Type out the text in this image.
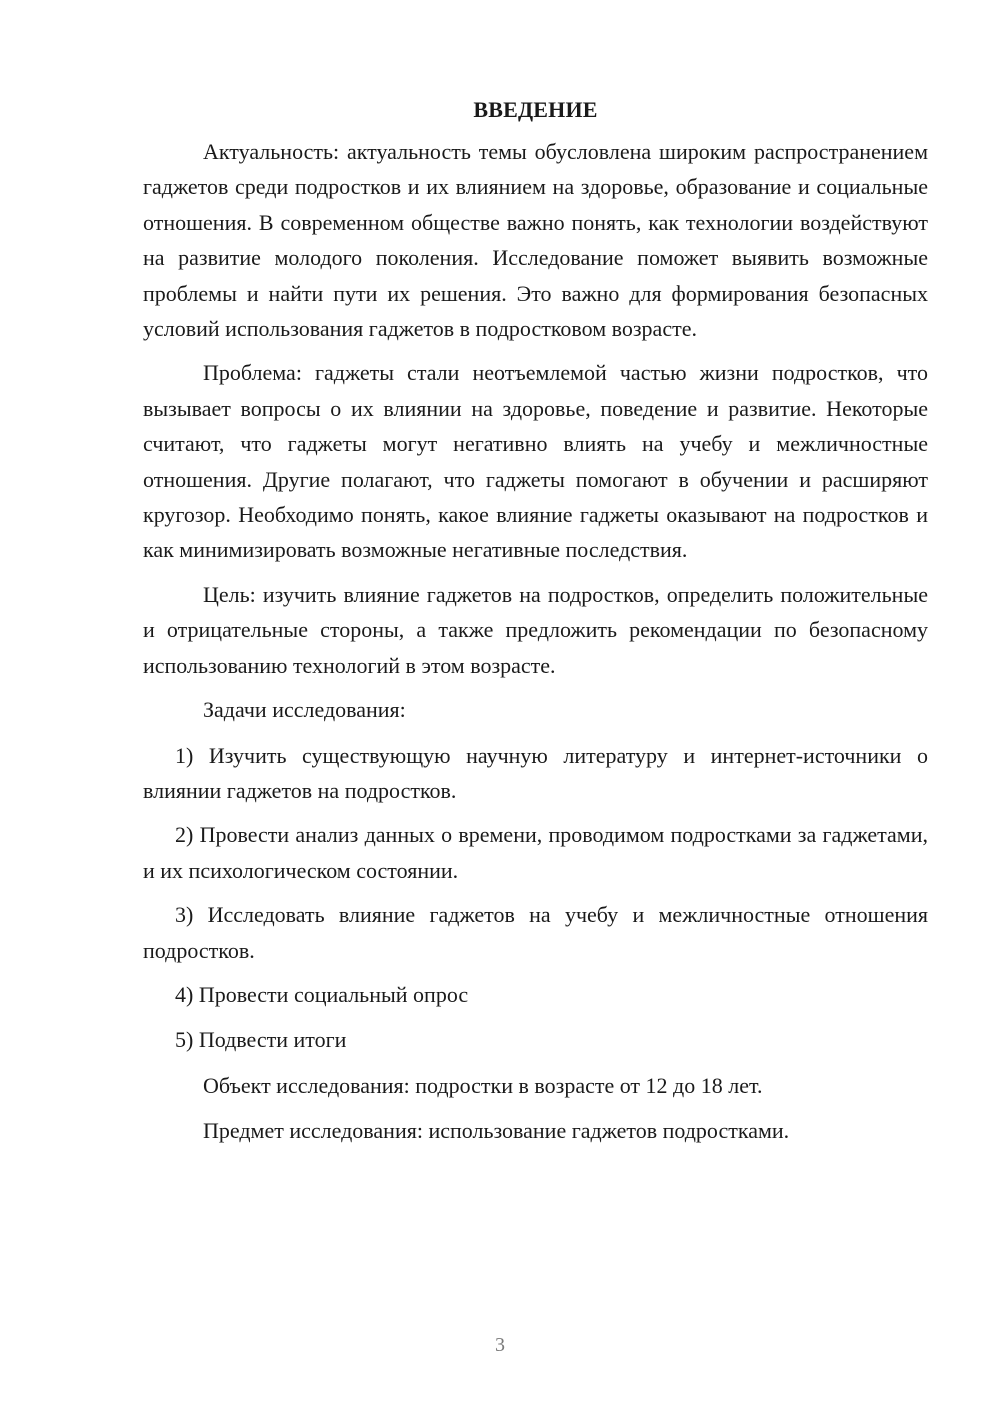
ВВЕДЕНИЕ

Актуальность: актуальность темы обусловлена широким распространением гаджетов среди подростков и их влиянием на здоровье, образование и социальные отношения. В современном обществе важно понять, как технологии воздействуют на развитие молодого поколения. Исследование поможет выявить возможные проблемы и найти пути их решения. Это важно для формирования безопасных условий использования гаджетов в подростковом возрасте.

Проблема: гаджеты стали неотъемлемой частью жизни подростков, что вызывает вопросы о их влиянии на здоровье, поведение и развитие. Некоторые считают, что гаджеты могут негативно влиять на учебу и межличностные отношения. Другие полагают, что гаджеты помогают в обучении и расширяют кругозор. Необходимо понять, какое влияние гаджеты оказывают на подростков и как минимизировать возможные негативные последствия.

Цель: изучить влияние гаджетов на подростков, определить положительные и отрицательные стороны, а также предложить рекомендации по безопасному использованию технологий в этом возрасте.

Задачи исследования:

1) Изучить существующую научную литературу и интернет-источники о влиянии гаджетов на подростков.

2) Провести анализ данных о времени, проводимом подростками за гаджетами, и их психологическом состоянии.

3) Исследовать влияние гаджетов на учебу и межличностные отношения подростков.

4) Провести социальный опрос

5) Подвести итоги

Объект исследования: подростки в возрасте от 12 до 18 лет.

Предмет исследования: использование гаджетов подростками.

3
